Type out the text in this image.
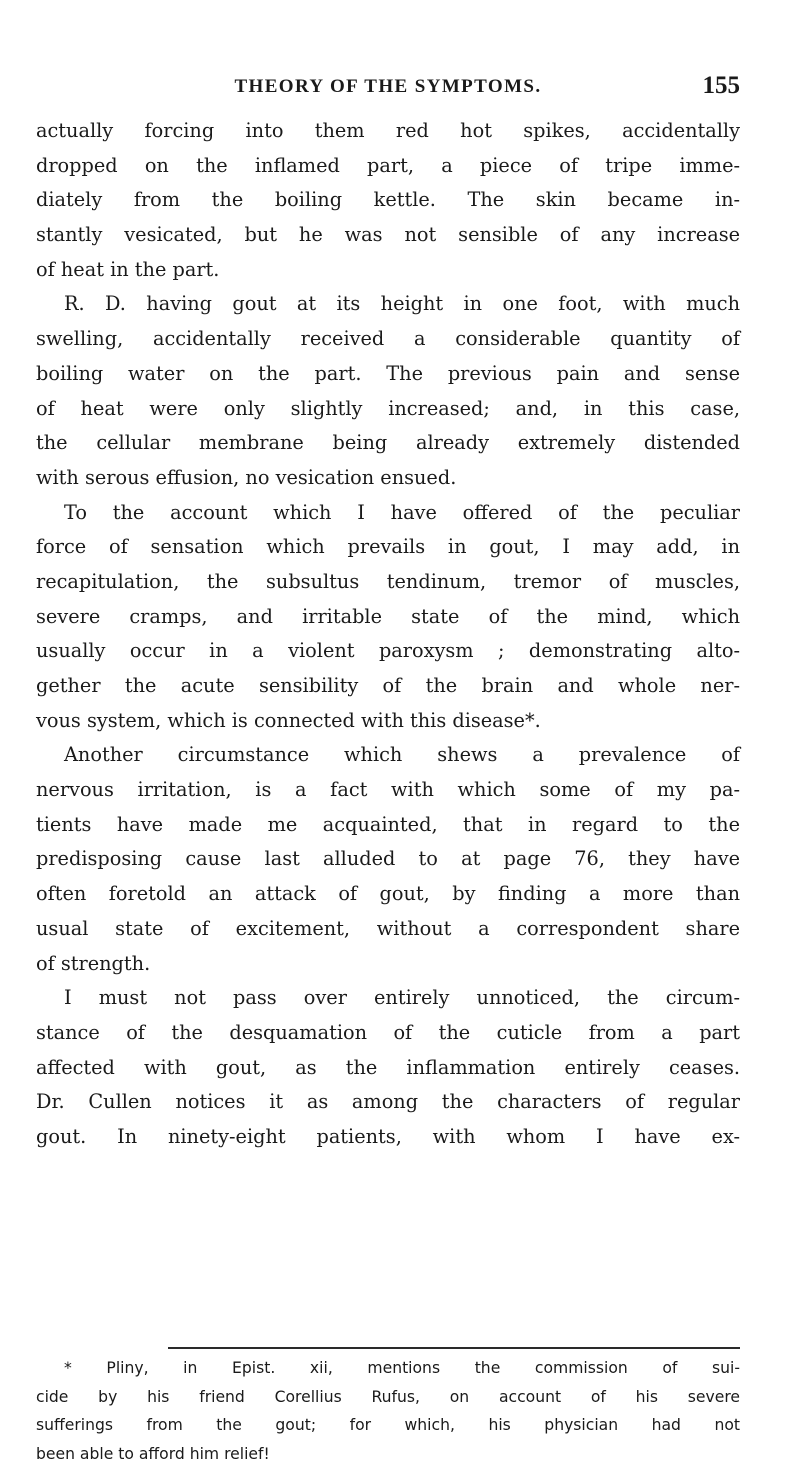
THEORY OF THE SYMPTOMS.	155
actually forcing into them red hot spikes, accidentally
dropped on the inflamed part, a piece of tripe imme-
diately from the boiling kettle. The skin became in-
stantly vesicated, but he was not sensible of any increase
of heat in the part.
R. D. having gout at its height in one foot, with much
swelling, accidentally received a considerable quantity of
boiling water on the part. The previous pain and sense
of heat were only slightly increased; and, in this case,
the cellular membrane being already extremely distended
with serous effusion, no vesication ensued.
To the account which I have offered of the peculiar
force of sensation which prevails in gout, I may add, in
recapitulation, the subsultus tendinum, tremor of muscles,
severe cramps, and irritable state of the mind, which
usually occur in a violent paroxysm ; demonstrating alto-
gether the acute sensibility of the brain and whole ner-
vous system, which is connected with this disease*.
Another circumstance which shews a prevalence of
nervous irritation, is a fact with which some of my pa-
tients have made me acquainted, that in regard to the
predisposing cause last alluded to at page 76, they have
often foretold an attack of gout, by finding a more than
usual state of excitement, without a correspondent share
of strength.
I must not pass over entirely unnoticed, the circum-
stance of the desquamation of the cuticle from a part
affected with gout, as the inflammation entirely ceases.
Dr. Cullen notices it as among the characters of regular
gout. In ninety-eight patients, with whom I have ex-
* Pliny, in Epist. xii, mentions the commission of sui-
cide by his friend Corellius Rufus, on account of his severe
sufferings from the gout; for which, his physician had not
been able to afford him relief!
